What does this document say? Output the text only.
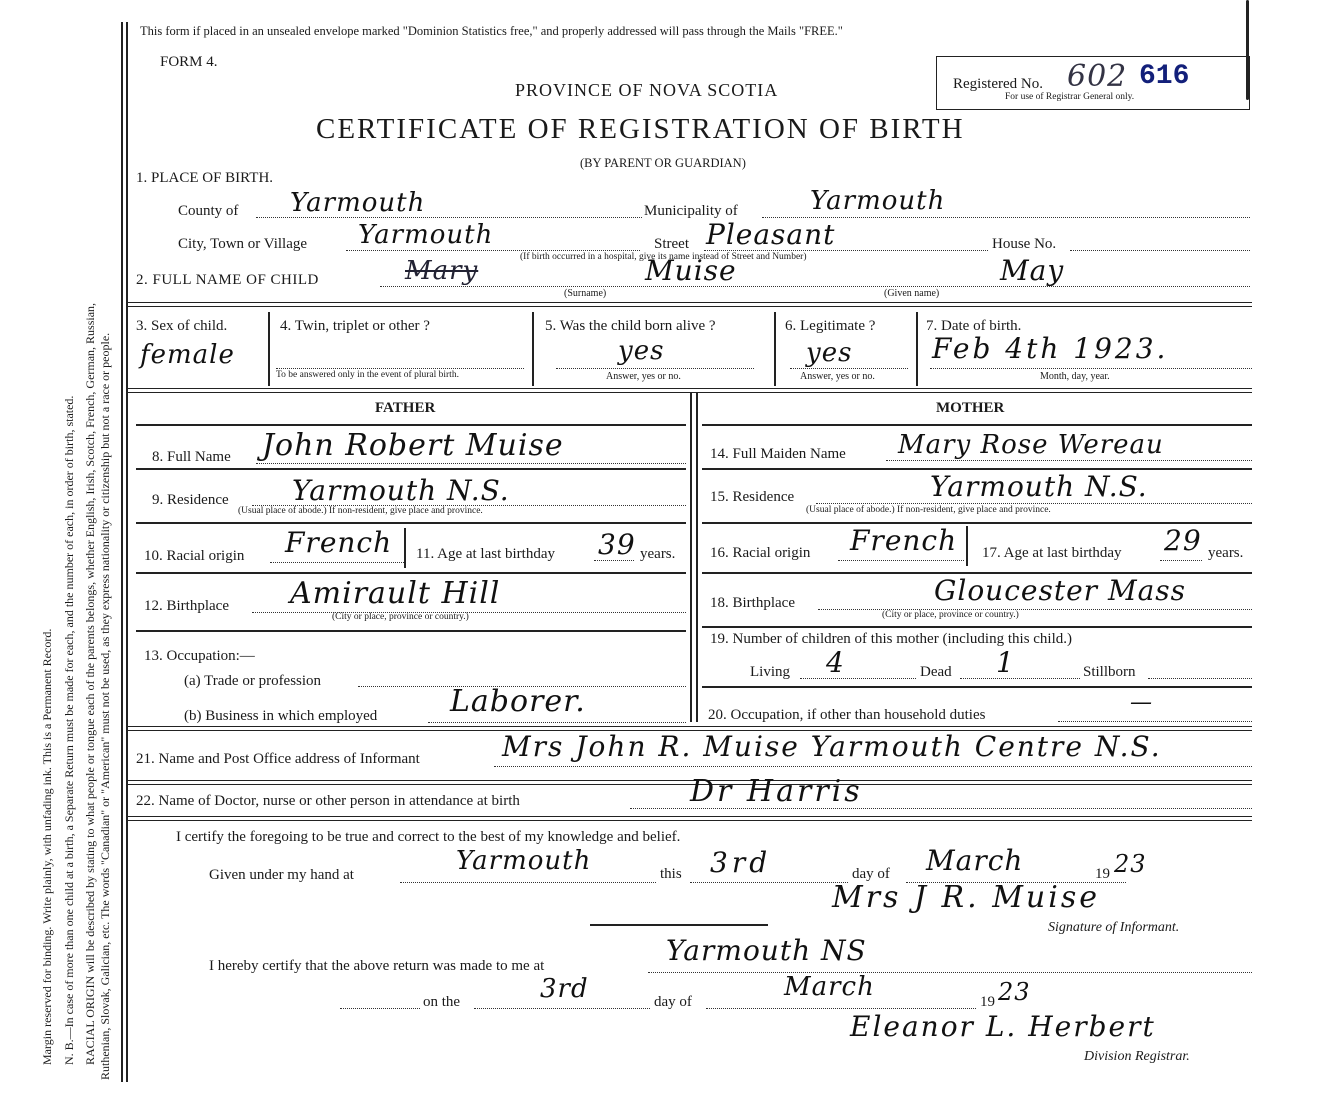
Margin reserved for binding. Write plainly, with unfading ink. This is a Permanent Record. N. B.—In case of more than one child at a birth, a Separate Return must be made for each, and the number of each, in order of birth, stated. RACIAL ORIGIN will be described by stating to what people or tongue each of the parents belongs, whether English, Irish, Scotch, French, German, Russian, Ruthenian, Slovak, Galician, etc. The words "Canadian" or "American" must not be used, as they express nationality or citizenship but not a race or people.
This form if placed in an unsealed envelope marked "Dominion Statistics free," and properly addressed will pass through the Mails "FREE."
FORM 4.
PROVINCE OF NOVA SCOTIA
CERTIFICATE OF REGISTRATION OF BIRTH
(BY PARENT OR GUARDIAN)
Registered No. 602 616
For use of Registrar General only.
1. PLACE OF BIRTH.
County of Yarmouth	Municipality of	Yarmouth
City, Town or Village Yarmouth	Street Pleasant	House No.
(If birth occurred in a hospital, give its name instead of Street and Number)
2. FULL NAME OF CHILD	Mary	Muise	May
(Surname)	(Given name)
3. Sex of child.
female
4. Twin, triplet or other ?
To be answered only in the event of plural birth.
5. Was the child born alive ?
yes
Answer, yes or no.
6. Legitimate ?
yes
Answer, yes or no.
7. Date of birth.
Feb 4th 1923.
Month, day, year.
FATHER
8. Full Name John Robert Muise
9. Residence Yarmouth N.S.
(Usual place of abode.) If non-resident, give place and province.
10. Racial origin French 11. Age at last birthday 39 years.
12. Birthplace Amirault Hill
(City or place, province or country.)
13. Occupation:—
(a) Trade or profession
(b) Business in which employed Laborer.
MOTHER
14. Full Maiden Name Mary Rose Wereau
15. Residence	Yarmouth N.S.
(Usual place of abode.) If non-resident, give place and province.
16. Racial origin French 17. Age at last birthday 29 years.
18. Birthplace	Gloucester Mass
(City or place, province or country.)
19. Number of children of this mother (including this child.)
Living 4	Dead 1	Stillborn
20. Occupation, if other than household duties	—
21. Name and Post Office address of Informant	Mrs John R. Muise Yarmouth Centre N.S.
22. Name of Doctor, nurse or other person in attendance at birth	Dr Harris
I certify the foregoing to be true and correct to the best of my knowledge and belief.
Given under my hand at	Yarmouth	this 3rd	day of March	19 23
Mrs J R. Muise
Signature of Informant.
I hereby certify that the above return was made to me at	Yarmouth NS
on the	3rd	day of	March	19 23
Eleanor L. Herbert
Division Registrar.
